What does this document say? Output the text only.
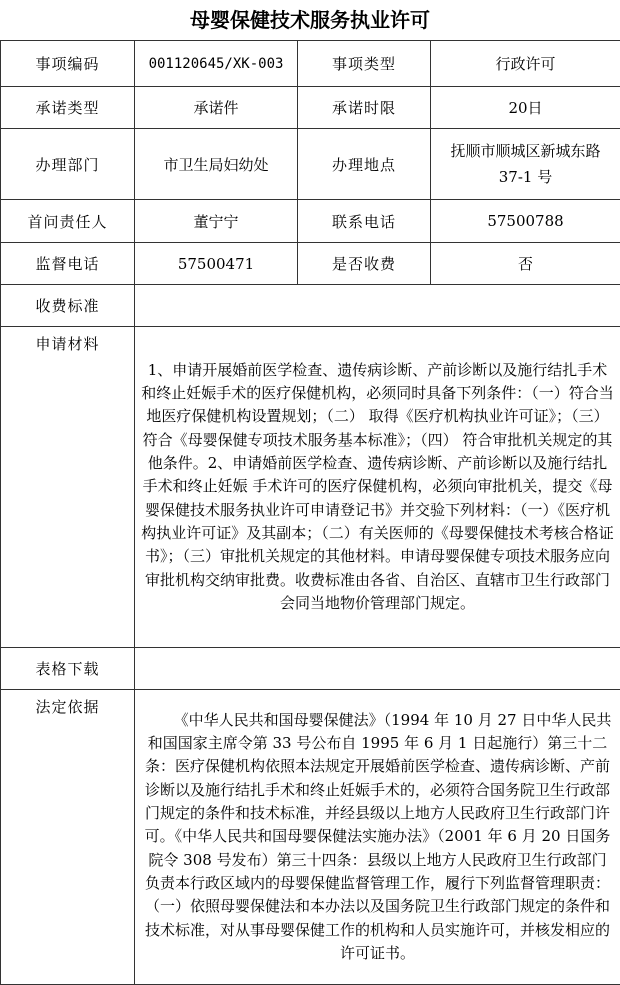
母婴保健技术服务执业许可
事项编码	001120645/XK-003	事项类型	行政许可
承诺类型	承诺件	承诺时限	20日
办理部门	市卫生局妇幼处	办理地点	抚顺市顺城区新城东路 37-1 号
首问责任人	董宁宁	联系电话	57500788
监督电话	57500471	是否收费	否
收费标准			
申请材料	1、申请开展婚前医学检查、遗传病诊断、产前诊断以及施行结扎手术和终止妊娠手术的医疗保健机构，必须同时具备下列条件：（一）符合当地医疗保健机构设置规划；（二） 取得《医疗机构执业许可证》；（三） 符合《母婴保健专项技术服务基本标准》；（四） 符合审批机关规定的其他条件。2、申请婚前医学检查、遗传病诊断、产前诊断以及施行结扎手术和终止妊娠 手术许可的医疗保健机构，必须向审批机关，提交《母婴保健技术服务执业许可申请登记书》并交验下列材料：（一）《医疗机构执业许可证》及其副本；（二）有关医师的《母婴保健技术考核合格证书》；（三）审批机关规定的其他材料。申请母婴保健专项技术服务应向审批机构交纳审批费。收费标准由各省、自治区、直辖市卫生行政部门会同当地物价管理部门规定。		
表格下载			
法定依据	《中华人民共和国母婴保健法》（1994 年 10 月 27 日中华人民共和国国家主席令第 33 号公布自 1995 年 6 月 1 日起施行）第三十二条：医疗保健机构依照本法规定开展婚前医学检查、遗传病诊断、产前诊断以及施行结扎手术和终止妊娠手术的，必须符合国务院卫生行政部门规定的条件和技术标准，并经县级以上地方人民政府卫生行政部门许可。《中华人民共和国母婴保健法实施办法》（2001 年 6 月 20 日国务院令 308 号发布）第三十四条：县级以上地方人民政府卫生行政部门负责本行政区域内的母婴保健监督管理工作，履行下列监督管理职责：（一）依照母婴保健法和本办法以及国务院卫生行政部门规定的条件和技术标准，对从事母婴保健工作的机构和人员实施许可，并核发相应的许可证书。		
